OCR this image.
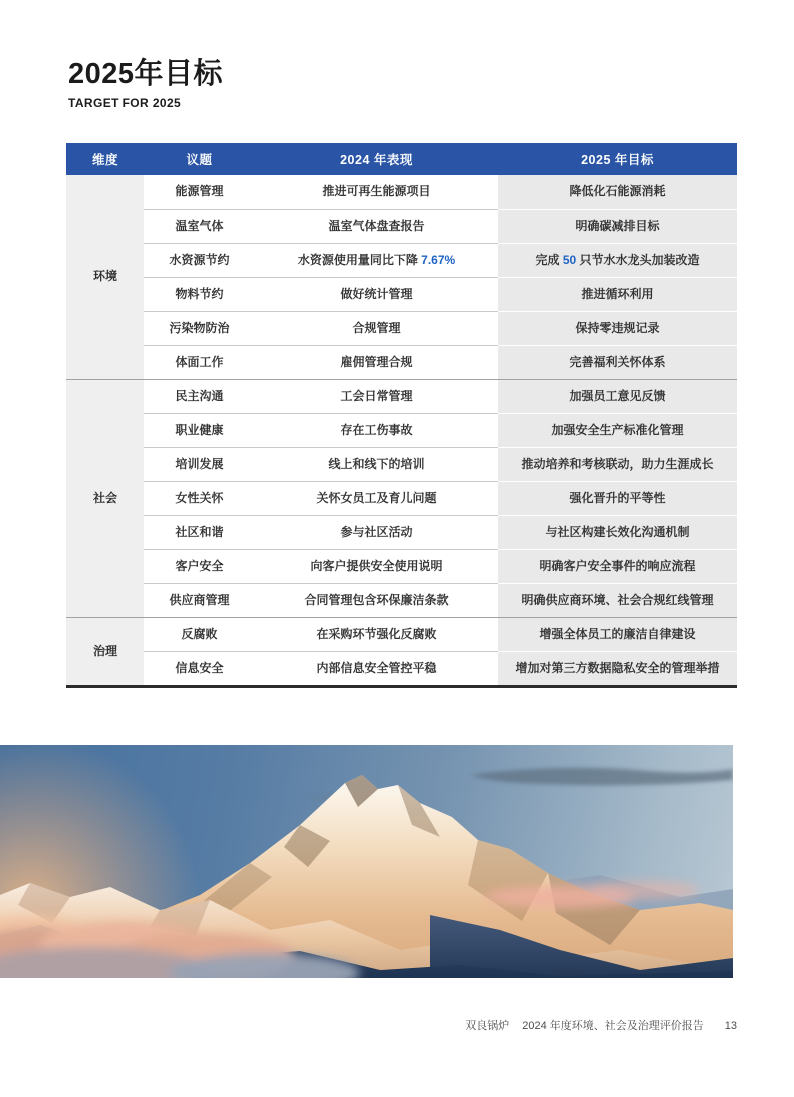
2025年目标
TARGET FOR 2025
维度	议题	2024 年表现	2025 年目标
环境	能源管理	推进可再生能源项目	降低化石能源消耗
	温室气体	温室气体盘查报告	明确碳减排目标
	水资源节约	水资源使用量同比下降 7.67%	完成 50 只节水水龙头加装改造
	物料节约	做好统计管理	推进循环利用
	污染物防治	合规管理	保持零违规记录
	体面工作	雇佣管理合规	完善福利关怀体系
社会	民主沟通	工会日常管理	加强员工意见反馈
	职业健康	存在工伤事故	加强安全生产标准化管理
	培训发展	线上和线下的培训	推动培养和考核联动，助力生涯成长
	女性关怀	关怀女员工及育儿问题	强化晋升的平等性
	社区和谐	参与社区活动	与社区构建长效化沟通机制
	客户安全	向客户提供安全使用说明	明确客户安全事件的响应流程
	供应商管理	合同管理包含环保廉洁条款	明确供应商环境、社会合规红线管理
治理	反腐败	在采购环节强化反腐败	增强全体员工的廉洁自律建设
	信息安全	内部信息安全管控平稳	增加对第三方数据隐私安全的管理举措
双良锅炉 2024 年度环境、社会及治理评价报告 13
